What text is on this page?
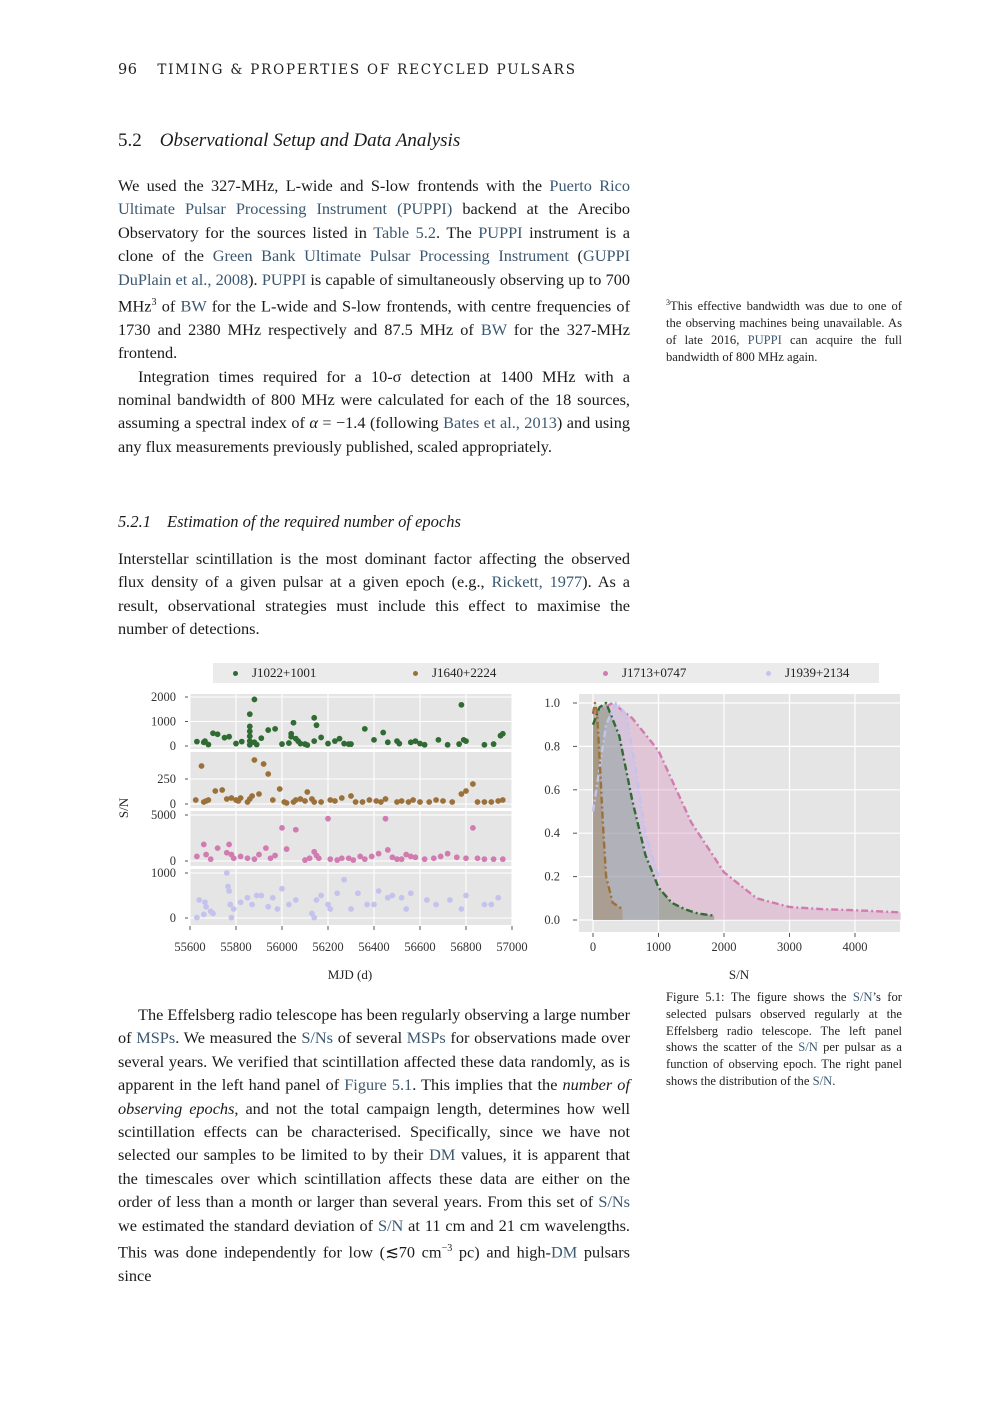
96 TIMING & PROPERTIES OF RECYCLED PULSARS
5.2 Observational Setup and Data Analysis

We used the 327-MHz, L-wide and S-low frontends with the Puerto Rico Ultimate Pulsar Processing Instrument (PUPPI) backend at the Arecibo Observatory for the sources listed in Table 5.2. The PUPPI instrument is a clone of the Green Bank Ultimate Pulsar Processing Instrument (GUPPI DuPlain et al., 2008). PUPPI is capable of simultaneously observing up to 700 MHz$^3$ of BW for the L-wide and S-low frontends, with centre frequencies of 1730 and 2380 MHz respectively and 87.5 MHz of BW for the 327-MHz frontend.

Integration times required for a 10-σ detection at 1400 MHz with a nominal bandwidth of 800 MHz were calculated for each of the 18 sources, assuming a spectral index of α = −1.4 (following Bates et al., 2013) and using any flux measurements previously published, scaled appropriately.

$^3$This effective bandwidth was due to one of the observing machines being unavailable. As of late 2016, PUPPI can acquire the full bandwidth of 800 MHz again.
5.2.1 Estimation of the required number of epochs

Interstellar scintillation is the most dominant factor affecting the observed flux density of a given pulsar at a given epoch (e.g., Rickett, 1977). As a result, observational strategies must include this effect to maximise the number of detections.

J1022+1001	J1640+2224	J1713+0747	J1939+2134
0
1000
2000
0
250
0
5000
0
1000
55600 55800 56000 56200 56400 56600 56800 57000
MJD (d)
S/N
0	1000	2000	3000	4000
1.0
0.8
0.6
0.4
0.2
0.0
S/N
Figure 5.1: The figure shows the S/N’s for selected pulsars observed regularly at the Effelsberg radio telescope. The left panel shows the scatter of the S/N per pulsar as a function of observing epoch. The right panel shows the distribution of the S/N.

The Effelsberg radio telescope has been regularly observing a large number of MSPs. We measured the S/Ns of several MSPs for observations made over several years. We verified that scintillation affected these data randomly, as is apparent in the left hand panel of Figure 5.1. This implies that the number of observing epochs, and not the total campaign length, determines how well scintillation effects can be characterised. Specifically, since we have not selected our samples to be limited to by their DM values, it is apparent that the timescales over which scintillation affects these data are either on the order of less than a month or larger than several years. From this set of S/Ns we estimated the standard deviation of S/N at 11 cm and 21 cm wavelengths. This was done independently for low (≲70 $cm^{-3}$ pc) and high-DM pulsars since
